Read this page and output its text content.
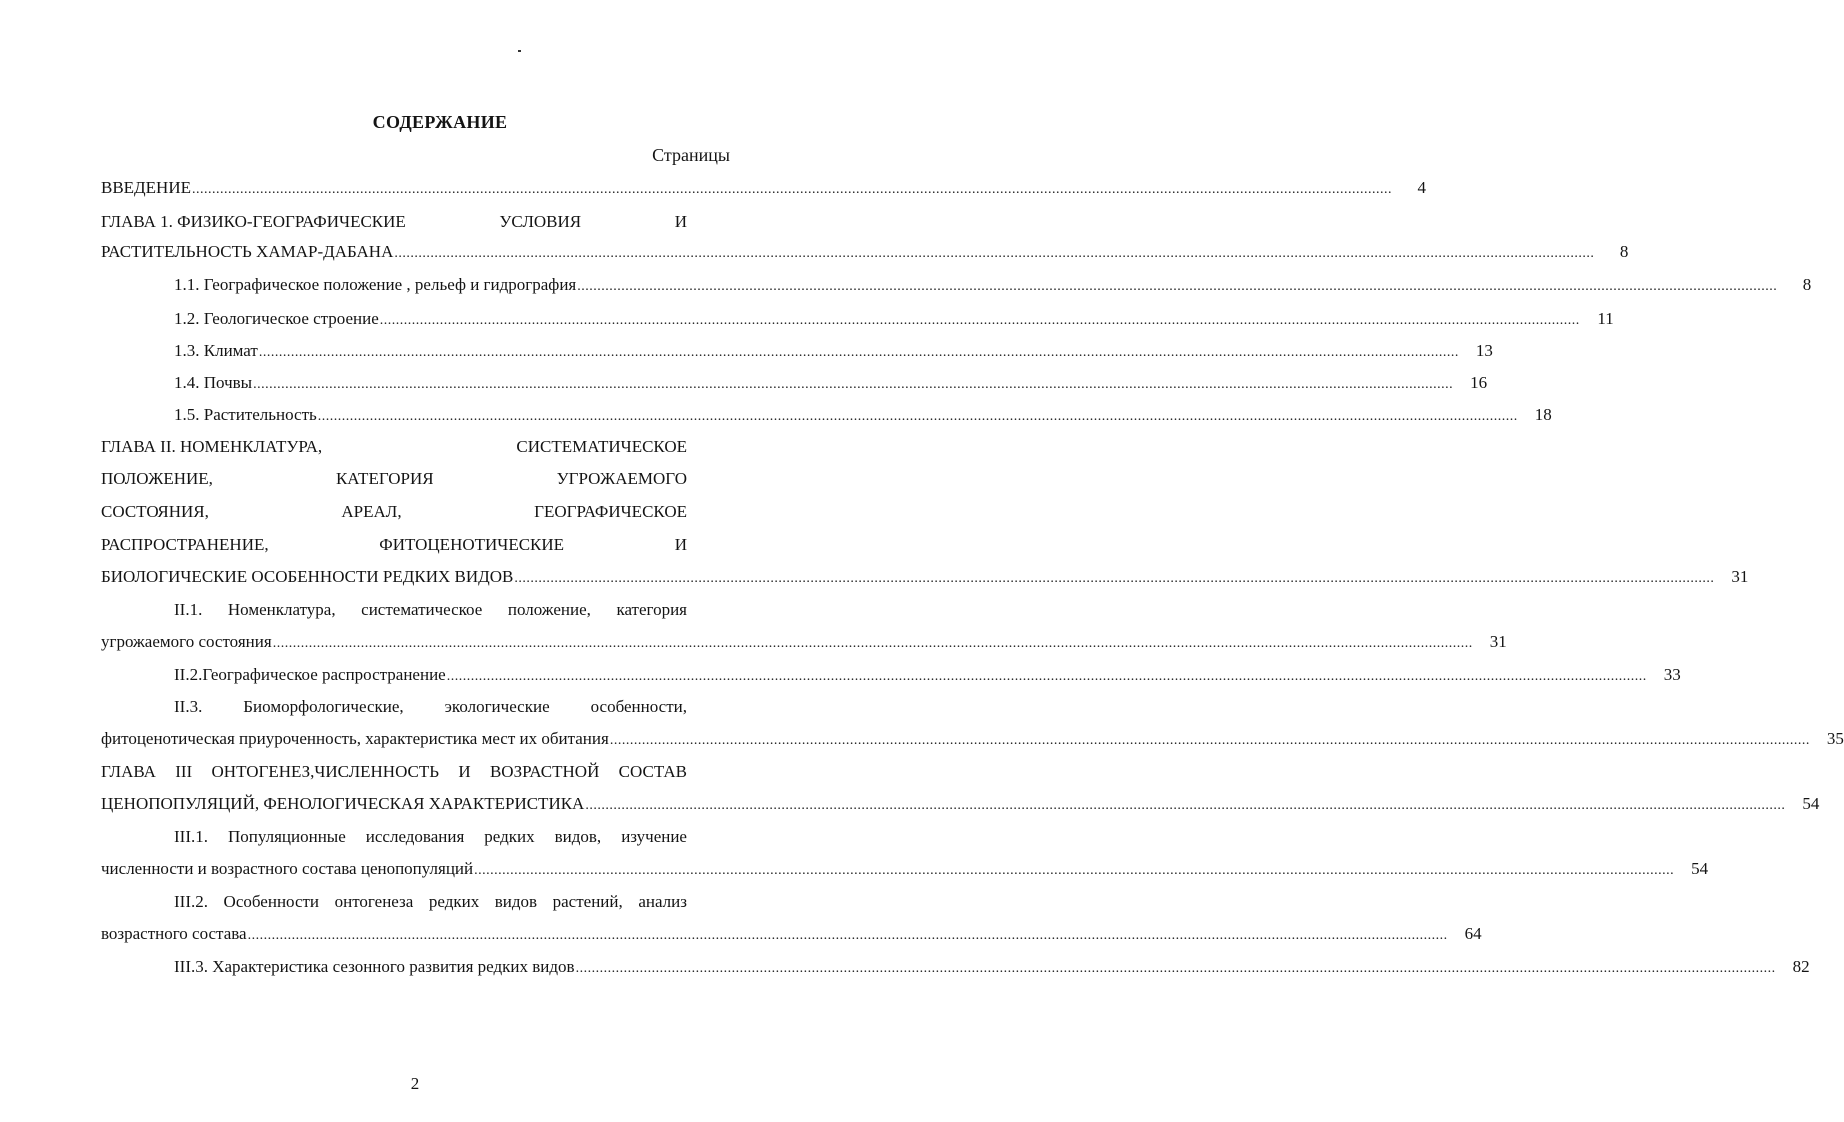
СОДЕРЖАНИЕ
Страницы
ВВЕДЕНИЕ ............................................................................................................................................................................................................................................................................................................	4
ГЛАВА 1. ФИЗИКО-ГЕОГРАФИЧЕСКИЕ	УСЛОВИЯ	И
РАСТИТЕЛЬНОСТЬ ХАМАР-ДАБАНА ............................................................................................................................................................................................................................................................................................................	8
1.1. Географическое положение , рельеф и гидрография ............................................................................................................................................................................................................................................................................................................	8
1.2. Геологическое строение ............................................................................................................................................................................................................................................................................................................	11
1.3. Климат ............................................................................................................................................................................................................................................................................................................	13
1.4. Почвы ............................................................................................................................................................................................................................................................................................................	16
1.5. Растительность ............................................................................................................................................................................................................................................................................................................	18
ГЛАВА II. НОМЕНКЛАТУРА,	СИСТЕМАТИЧЕСКОЕ
ПОЛОЖЕНИЕ,	КАТЕГОРИЯ	УГРОЖАЕМОГО
СОСТОЯНИЯ,	АРЕАЛ,	ГЕОГРАФИЧЕСКОЕ
РАСПРОСТРАНЕНИЕ,	ФИТОЦЕНОТИЧЕСКИЕ	И
БИОЛОГИЧЕСКИЕ ОСОБЕННОСТИ РЕДКИХ ВИДОВ ............................................................................................................................................................................................................................................................................................................	31
II.1. Номенклатура, систематическое положение, категория
угрожаемого состояния ............................................................................................................................................................................................................................................................................................................	31
II.2.Географическое распространение ............................................................................................................................................................................................................................................................................................................	33
II.3. Биоморфологические, экологические особенности,
фитоценотическая приуроченность, характеристика мест их обитания ............................................................................................................................................................................................................................................................................................................	35
ГЛАВА III ОНТОГЕНЕЗ,ЧИСЛЕННОСТЬ И ВОЗРАСТНОЙ СОСТАВ
ЦЕНОПОПУЛЯЦИЙ, ФЕНОЛОГИЧЕСКАЯ ХАРАКТЕРИСТИКА ............................................................................................................................................................................................................................................................................................................	54
III.1. Популяционные исследования редких видов, изучение
численности и возрастного состава ценопопуляций ............................................................................................................................................................................................................................................................................................................	54
III.2. Особенности онтогенеза редких видов растений, анализ
возрастного состава ............................................................................................................................................................................................................................................................................................................	64
III.3. Характеристика сезонного развития редких видов ............................................................................................................................................................................................................................................................................................................	82
2
